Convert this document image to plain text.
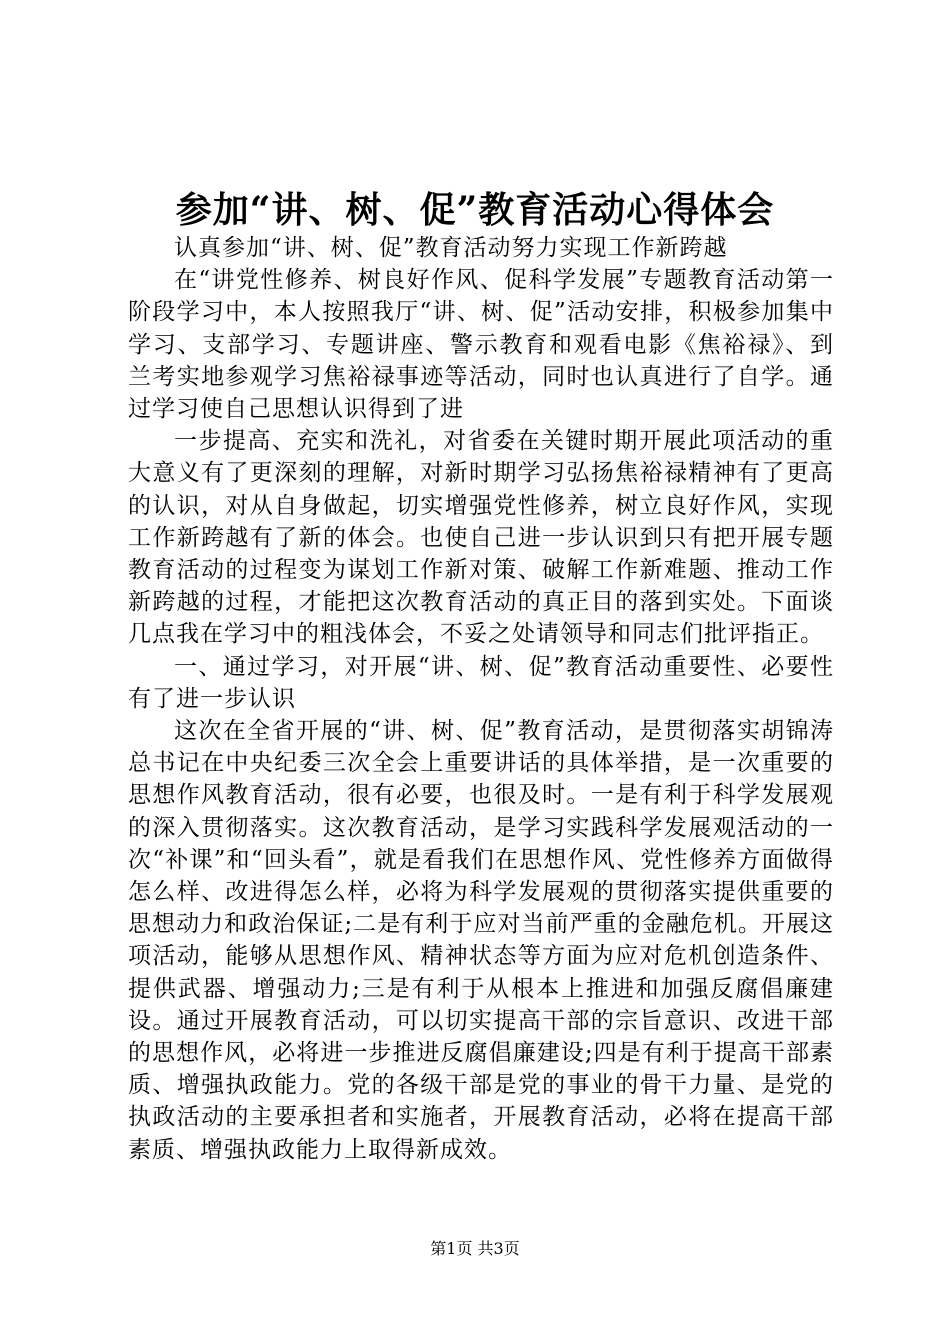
参加“讲、树、促”教育活动心得体会

认真参加“讲、树、促”教育活动努力实现工作新跨越

在“讲党性修养、树良好作风、促科学发展”专题教育活动第一阶段学习中，本人按照我厅“讲、树、促”活动安排，积极参加集中学习、支部学习、专题讲座、警示教育和观看电影《焦裕禄》、到兰考实地参观学习焦裕禄事迹等活动，同时也认真进行了自学。通过学习使自己思想认识得到了进

一步提高、充实和洗礼，对省委在关键时期开展此项活动的重大意义有了更深刻的理解，对新时期学习弘扬焦裕禄精神有了更高的认识，对从自身做起，切实增强党性修养，树立良好作风，实现工作新跨越有了新的体会。也使自己进一步认识到只有把开展专题教育活动的过程变为谋划工作新对策、破解工作新难题、推动工作新跨越的过程，才能把这次教育活动的真正目的落到实处。下面谈几点我在学习中的粗浅体会，不妥之处请领导和同志们批评指正。

一、通过学习，对开展“讲、树、促”教育活动重要性、必要性有了进一步认识

这次在全省开展的“讲、树、促”教育活动，是贯彻落实胡锦涛总书记在中央纪委三次全会上重要讲话的具体举措，是一次重要的思想作风教育活动，很有必要，也很及时。一是有利于科学发展观的深入贯彻落实。这次教育活动，是学习实践科学发展观活动的一次“补课”和“回头看”，就是看我们在思想作风、党性修养方面做得怎么样、改进得怎么样，必将为科学发展观的贯彻落实提供重要的思想动力和政治保证;二是有利于应对当前严重的金融危机。开展这项活动，能够从思想作风、精神状态等方面为应对危机创造条件、提供武器、增强动力;三是有利于从根本上推进和加强反腐倡廉建设。通过开展教育活动，可以切实提高干部的宗旨意识、改进干部的思想作风，必将进一步推进反腐倡廉建设;四是有利于提高干部素质、增强执政能力。党的各级干部是党的事业的骨干力量、是党的执政活动的主要承担者和实施者，开展教育活动，必将在提高干部素质、增强执政能力上取得新成效。

第1页 共3页
